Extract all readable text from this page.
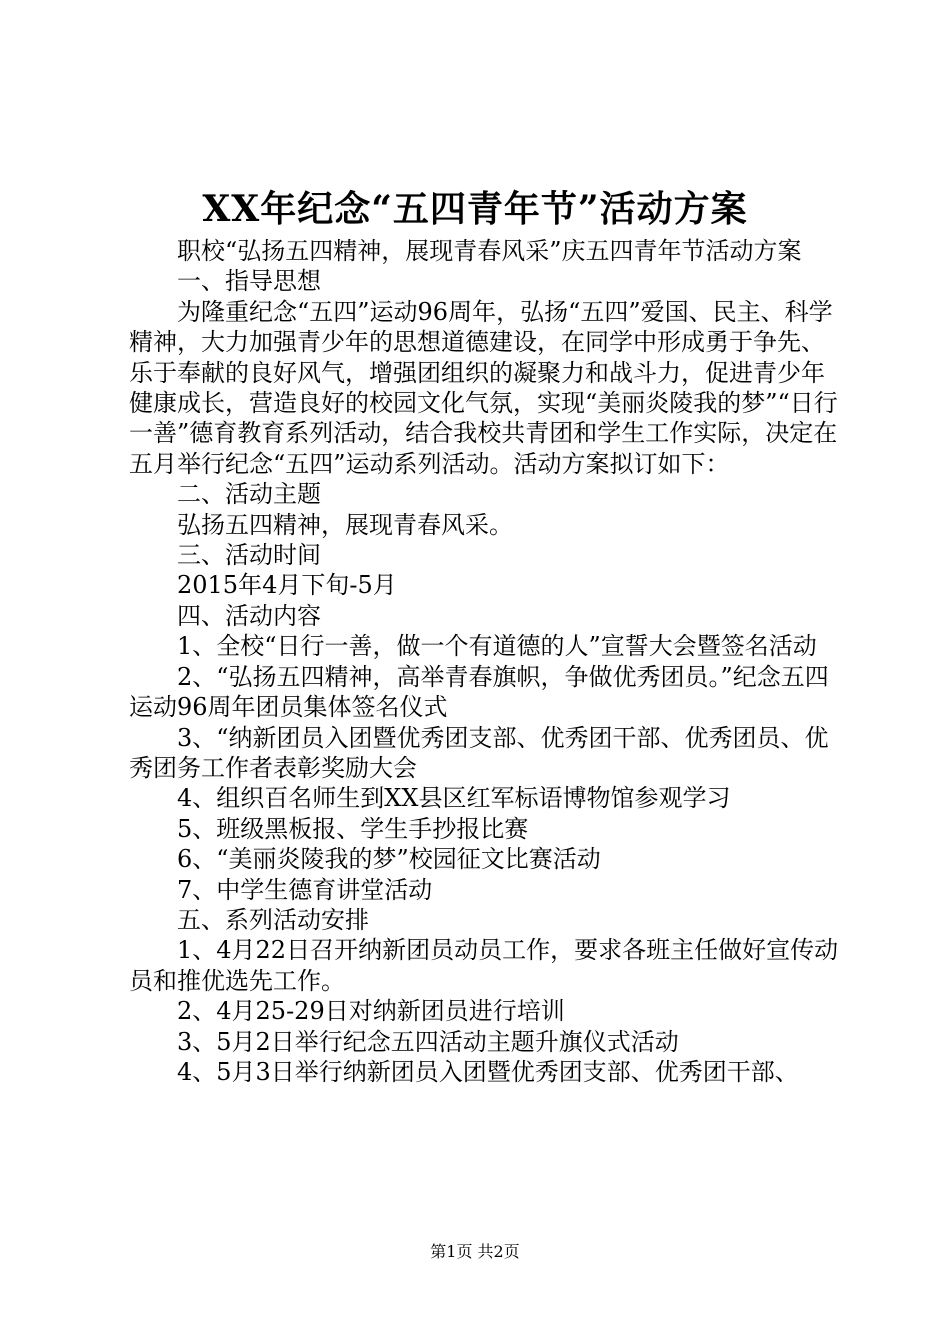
XX年纪念“五四青年节”活动方案

职校“弘扬五四精神，展现青春风采”庆五四青年节活动方案

一、指导思想

为隆重纪念“五四”运动96周年，弘扬“五四”爱国、民主、科学精神，大力加强青少年的思想道德建设，在同学中形成勇于争先、乐于奉献的良好风气，增强团组织的凝聚力和战斗力，促进青少年健康成长，营造良好的校园文化气氛，实现“美丽炎陵我的梦”“日行一善”德育教育系列活动，结合我校共青团和学生工作实际，决定在五月举行纪念“五四”运动系列活动。活动方案拟订如下：

二、活动主题

弘扬五四精神，展现青春风采。

三、活动时间

2015年4月下旬-5月

四、活动内容

1、全校“日行一善，做一个有道德的人”宣誓大会暨签名活动

2、“弘扬五四精神，高举青春旗帜，争做优秀团员。”纪念五四运动96周年团员集体签名仪式

3、“纳新团员入团暨优秀团支部、优秀团干部、优秀团员、优秀团务工作者表彰奖励大会

4、组织百名师生到XX县区红军标语博物馆参观学习

5、班级黑板报、学生手抄报比赛

6、“美丽炎陵我的梦”校园征文比赛活动

7、中学生德育讲堂活动

五、系列活动安排

1、4月22日召开纳新团员动员工作，要求各班主任做好宣传动员和推优选先工作。

2、4月25-29日对纳新团员进行培训

3、5月2日举行纪念五四活动主题升旗仪式活动

4、5月3日举行纳新团员入团暨优秀团支部、优秀团干部、

第1页 共2页
